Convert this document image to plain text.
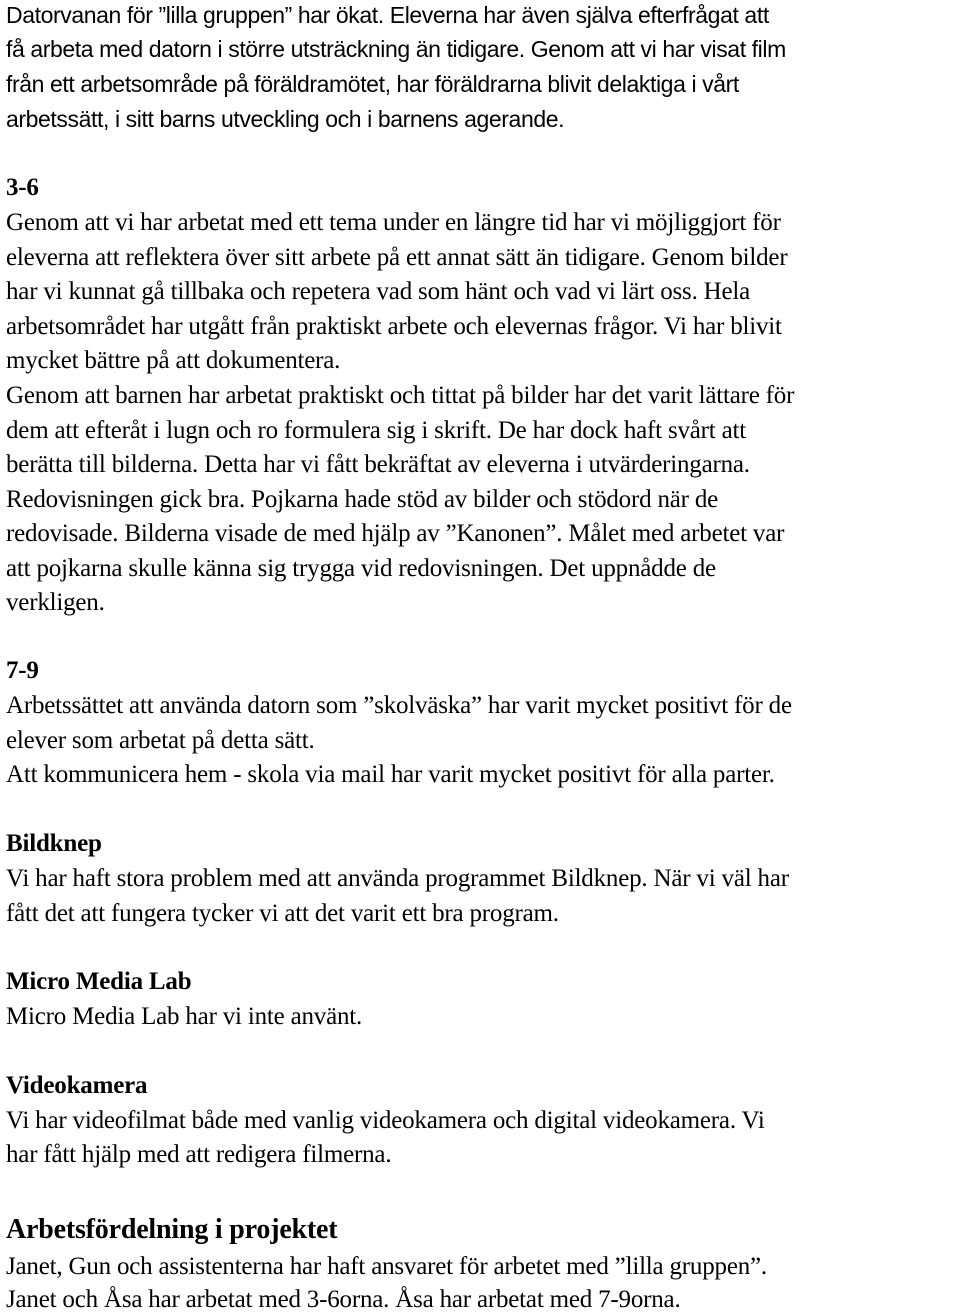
Datorvanan för ”lilla gruppen” har ökat. Eleverna har även själva efterfrågat att

få arbeta med datorn i större utsträckning än tidigare. Genom att vi har visat film

från ett arbetsområde på föräldramötet, har föräldrarna blivit delaktiga i vårt

arbetssätt, i sitt barns utveckling och i barnens agerande.

3-6

Genom att vi har arbetat med ett tema under en längre tid har vi möjliggjort för

eleverna att reflektera över sitt arbete på ett annat sätt än tidigare. Genom bilder

har vi kunnat gå tillbaka och repetera vad som hänt och vad vi lärt oss. Hela

arbetsområdet har utgått från praktiskt arbete och elevernas frågor. Vi har blivit

mycket bättre på att dokumentera.

Genom att barnen har arbetat praktiskt och tittat på bilder har det varit lättare för

dem att efteråt i lugn och ro formulera sig i skrift. De har dock haft svårt att

berätta till bilderna. Detta har vi fått bekräftat av eleverna i utvärderingarna.

Redovisningen gick bra. Pojkarna hade stöd av bilder och stödord när de

redovisade. Bilderna visade de med hjälp av ”Kanonen”. Målet med arbetet var

att pojkarna skulle känna sig trygga vid redovisningen. Det uppnådde de

verkligen.

7-9

Arbetssättet att använda datorn som ”skolväska” har varit mycket positivt för de

elever som arbetat på detta sätt.

Att kommunicera hem - skola via mail har varit mycket positivt för alla parter.

Bildknep

Vi har haft stora problem med att använda programmet Bildknep. När vi väl har

fått det att fungera tycker vi att det varit ett bra program.

Micro Media Lab

Micro Media Lab har vi inte använt.

Videokamera

Vi har videofilmat både med vanlig videokamera och digital videokamera. Vi

har fått hjälp med att redigera filmerna.

Arbetsfördelning i projektet

Janet, Gun och assistenterna har haft ansvaret för arbetet med ”lilla gruppen”.

Janet och Åsa har arbetat med 3-6orna. Åsa har arbetat med 7-9orna.
